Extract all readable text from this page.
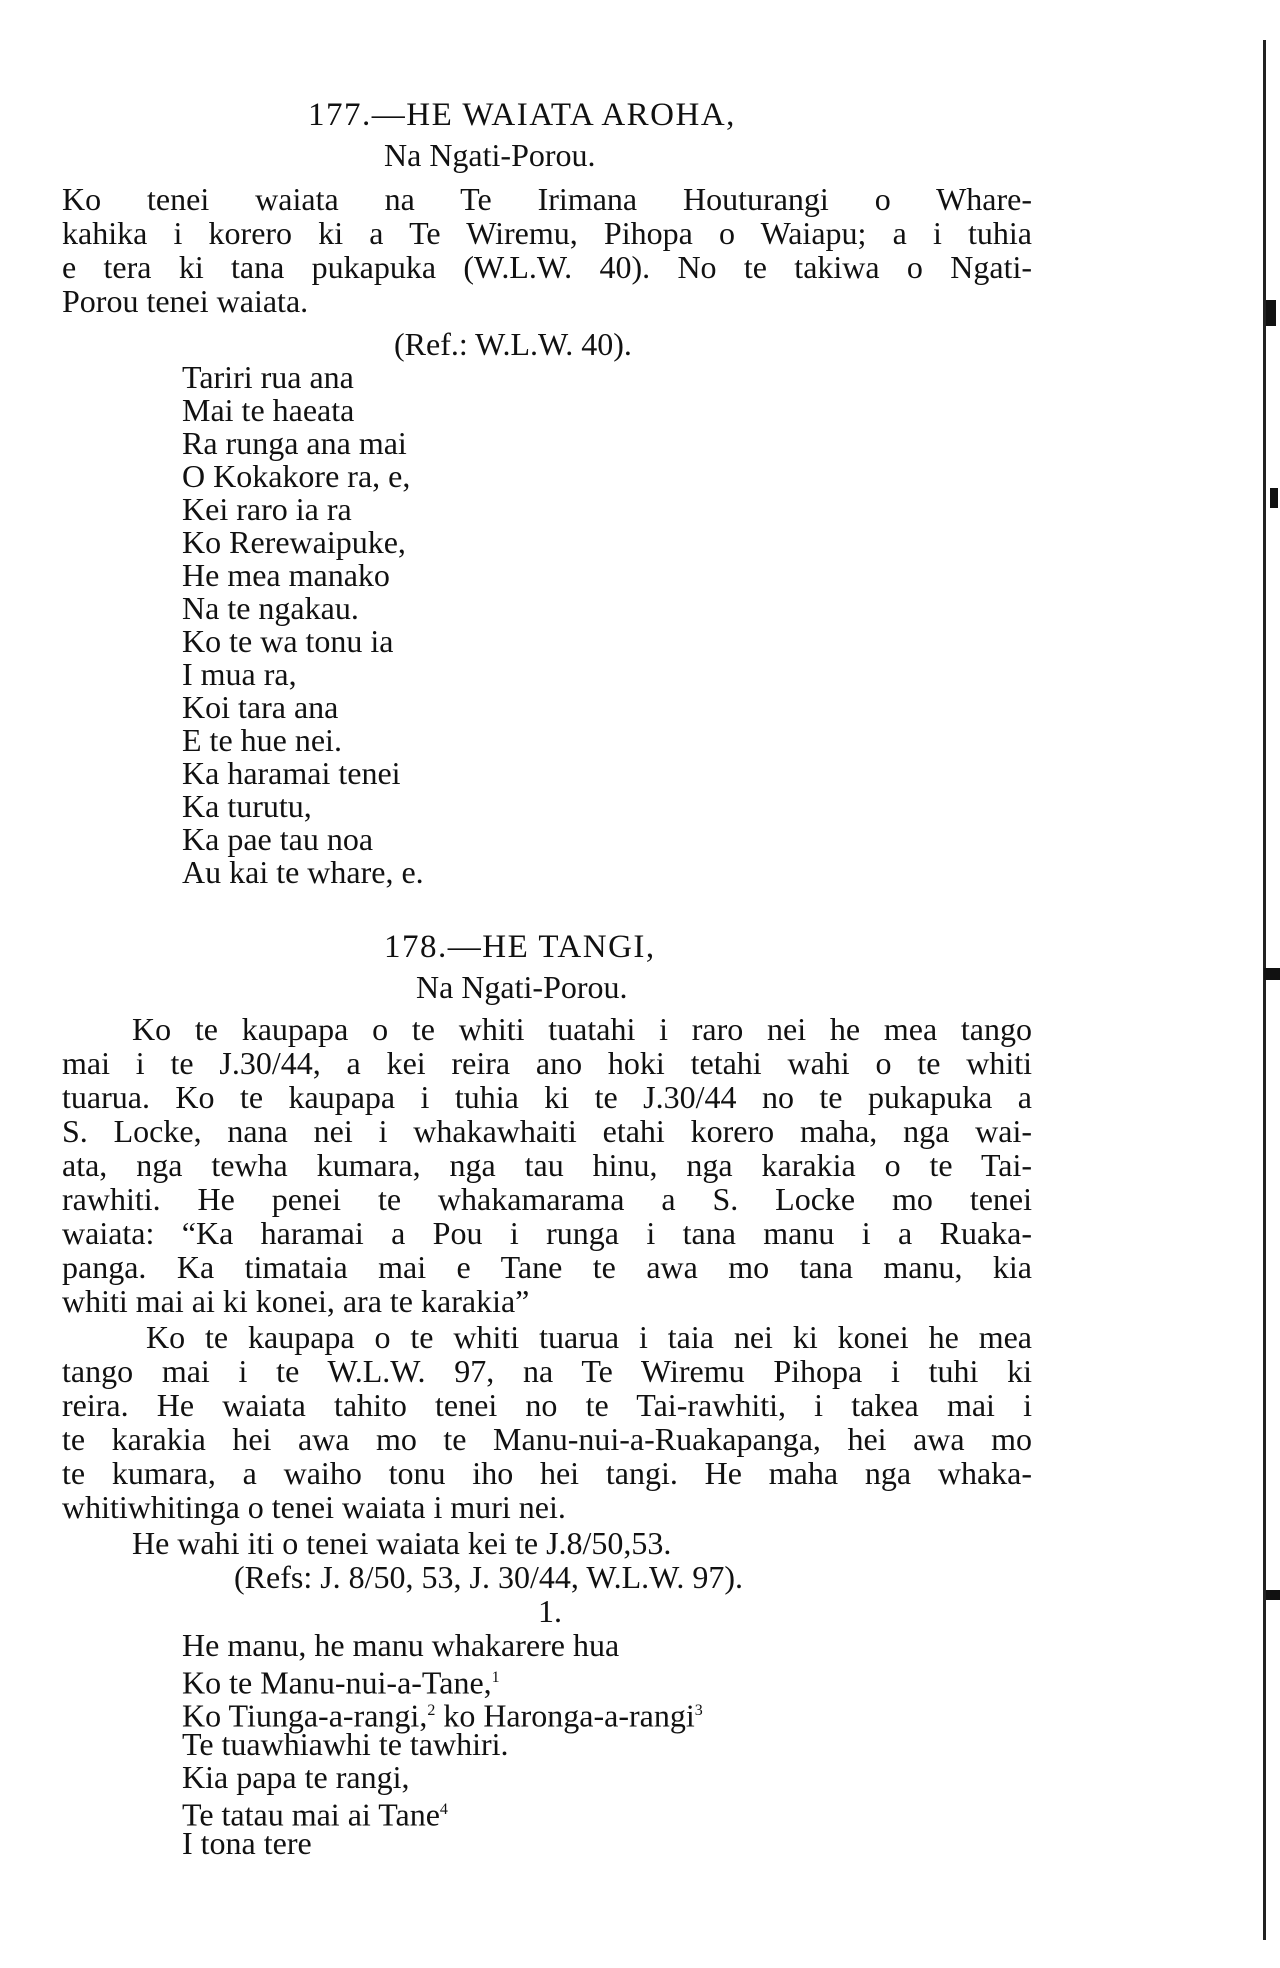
177.—HE WAIATA AROHA,
Na Ngati-Porou.
Ko tenei waiata na Te Irimana Houturangi o Whare-
kahika i korero ki a Te Wiremu, Pihopa o Waiapu; a i tuhia
e tera ki tana pukapuka (W.L.W. 40). No te takiwa o Ngati-
Porou tenei waiata.
(Ref.: W.L.W. 40).
Tariri rua ana
Mai te haeata
Ra runga ana mai
O Kokakore ra, e,
Kei raro ia ra
Ko Rerewaipuke,
He mea manako
Na te ngakau.
Ko te wa tonu ia
I mua ra,
Koi tara ana
E te hue nei.
Ka haramai tenei
Ka turutu,
Ka pae tau noa
Au kai te whare, e.
178.—HE TANGI,
Na Ngati-Porou.
Ko te kaupapa o te whiti tuatahi i raro nei he mea tango
mai i te J.30/44, a kei reira ano hoki tetahi wahi o te whiti
tuarua. Ko te kaupapa i tuhia ki te J.30/44 no te pukapuka a
S. Locke, nana nei i whakawhaiti etahi korero maha, nga wai-
ata, nga tewha kumara, nga tau hinu, nga karakia o te Tai-
rawhiti. He penei te whakamarama a S. Locke mo tenei
waiata: “Ka haramai a Pou i runga i tana manu i a Ruaka-
panga. Ka timataia mai e Tane te awa mo tana manu, kia
whiti mai ai ki konei, ara te karakia”
Ko te kaupapa o te whiti tuarua i taia nei ki konei he mea
tango mai i te W.L.W. 97, na Te Wiremu Pihopa i tuhi ki
reira. He waiata tahito tenei no te Tai-rawhiti, i takea mai i
te karakia hei awa mo te Manu-nui-a-Ruakapanga, hei awa mo
te kumara, a waiho tonu iho hei tangi. He maha nga whaka-
whitiwhitinga o tenei waiata i muri nei.
He wahi iti o tenei waiata kei te J.8/50,53.
(Refs: J. 8/50, 53, J. 30/44, W.L.W. 97).
1.
He manu, he manu whakarere hua
Ko te Manu-nui-a-Tane,$^1$
Ko Tiunga-a-rangi,$^2$ ko Haronga-a-rangi$^3$
Te tuawhiawhi te tawhiri.
Kia papa te rangi,
Te tatau mai ai Tane$^4$
I tona tere
